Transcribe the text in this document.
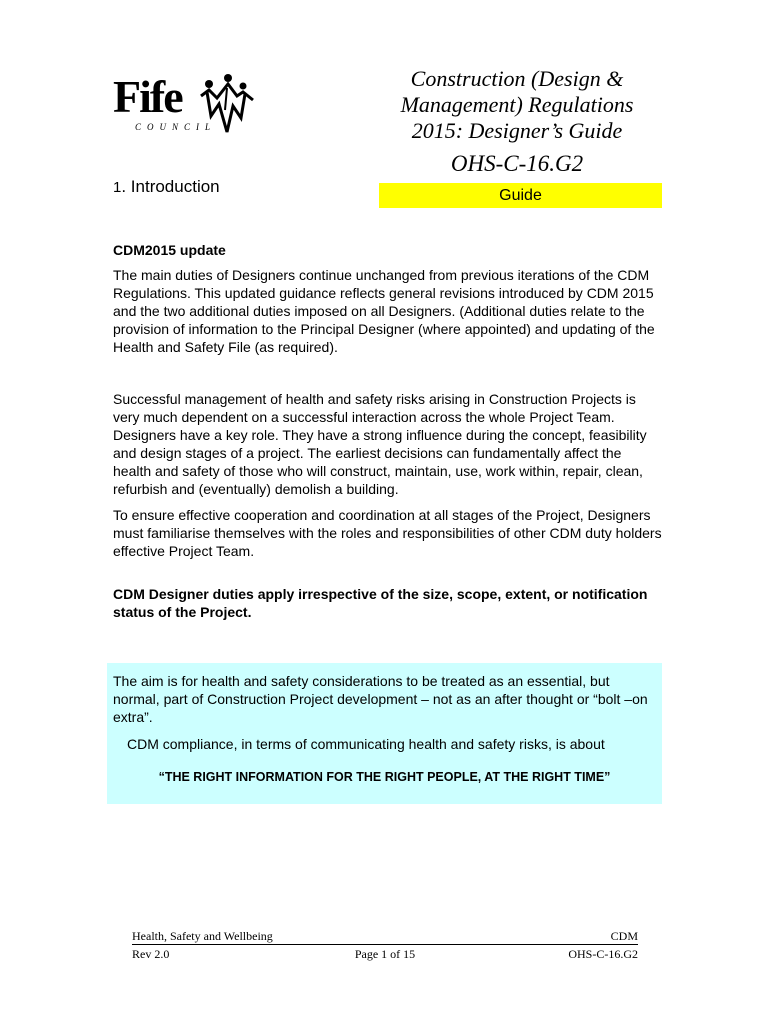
Fife
COUNCIL
Construction (Design &
Management) Regulations
2015: Designer’s Guide
OHS-C-16.G2
Guide
1. Introduction
CDM2015 update

The main duties of Designers continue unchanged from previous iterations of the CDM Regulations. This updated guidance reflects general revisions introduced by CDM 2015 and the two additional duties imposed on all Designers. (Additional duties relate to the provision of information to the Principal Designer (where appointed) and updating of the Health and Safety File (as required).

Successful management of health and safety risks arising in Construction Projects is very much dependent on a successful interaction across the whole Project Team. Designers have a key role. They have a strong influence during the concept, feasibility and design stages of a project. The earliest decisions can fundamentally affect the health and safety of those who will construct, maintain, use, work within, repair, clean, refurbish and (eventually) demolish a building.

To ensure effective cooperation and coordination at all stages of the Project, Designers must familiarise themselves with the roles and responsibilities of other CDM duty holders effective Project Team.

CDM Designer duties apply irrespective of the size, scope, extent, or notification status of the Project.

The aim is for health and safety considerations to be treated as an essential, but normal, part of Construction Project development – not as an after thought or “bolt –on extra”.

CDM compliance, in terms of communicating health and safety risks, is about

“THE RIGHT INFORMATION FOR THE RIGHT PEOPLE, AT THE RIGHT TIME”

Health, Safety and Wellbeing	CDM
Rev 2.0	Page 1 of 15	OHS-C-16.G2
